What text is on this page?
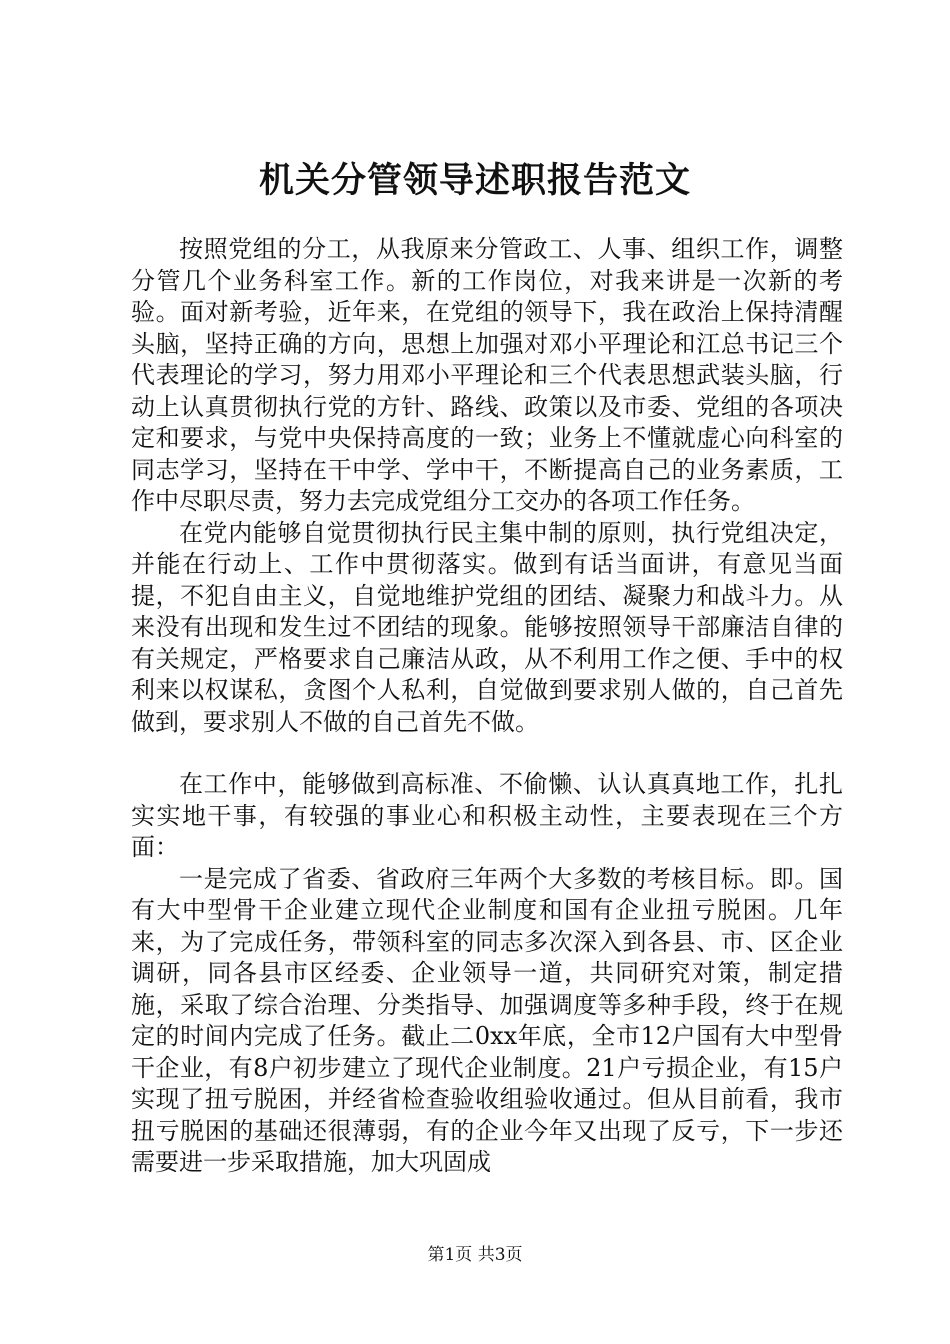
机关分管领导述职报告范文

按照党组的分工，从我原来分管政工、人事、组织工作，调整分管几个业务科室工作。新的工作岗位，对我来讲是一次新的考验。面对新考验，近年来，在党组的领导下，我在政治上保持清醒头脑，坚持正确的方向，思想上加强对邓小平理论和江总书记三个代表理论的学习，努力用邓小平理论和三个代表思想武装头脑，行动上认真贯彻执行党的方针、路线、政策以及市委、党组的各项决定和要求，与党中央保持高度的一致；业务上不懂就虚心向科室的同志学习，坚持在干中学、学中干，不断提高自己的业务素质，工作中尽职尽责，努力去完成党组分工交办的各项工作任务。

在党内能够自觉贯彻执行民主集中制的原则，执行党组决定，并能在行动上、工作中贯彻落实。做到有话当面讲，有意见当面提，不犯自由主义，自觉地维护党组的团结、凝聚力和战斗力。从来没有出现和发生过不团结的现象。能够按照领导干部廉洁自律的有关规定，严格要求自己廉洁从政，从不利用工作之便、手中的权利来以权谋私，贪图个人私利，自觉做到要求别人做的，自己首先做到，要求别人不做的自己首先不做。

在工作中，能够做到高标准、不偷懒、认认真真地工作，扎扎实实地干事，有较强的事业心和积极主动性，主要表现在三个方面：

一是完成了省委、省政府三年两个大多数的考核目标。即。国有大中型骨干企业建立现代企业制度和国有企业扭亏脱困。几年来，为了完成任务，带领科室的同志多次深入到各县、市、区企业调研，同各县市区经委、企业领导一道，共同研究对策，制定措施，采取了综合治理、分类指导、加强调度等多种手段，终于在规定的时间内完成了任务。截止二0xx年底，全市12户国有大中型骨干企业，有8户初步建立了现代企业制度。21户亏损企业，有15户实现了扭亏脱困，并经省检查验收组验收通过。但从目前看，我市扭亏脱困的基础还很薄弱，有的企业今年又出现了反亏，下一步还需要进一步采取措施，加大巩固成

第1页 共3页
